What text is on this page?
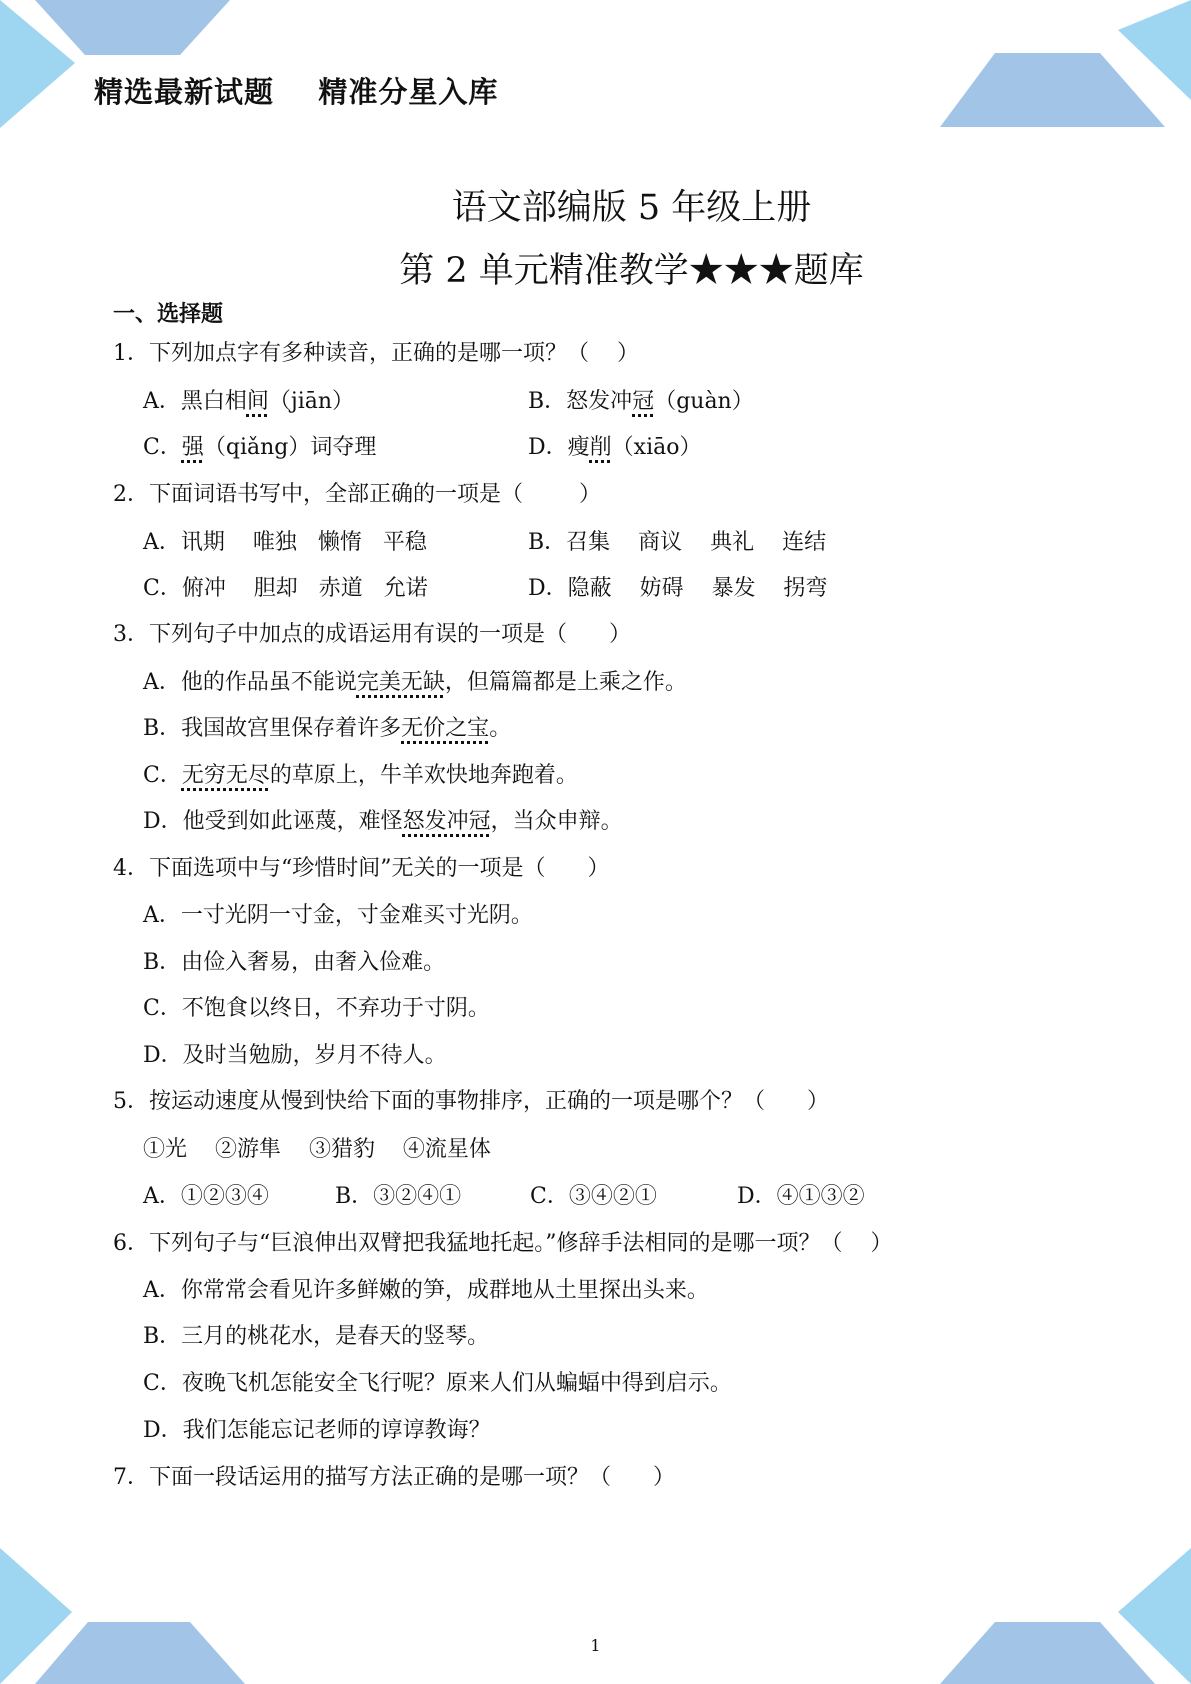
精选最新试题    精准分星入库
语文部编版 5 年级上册
第 2 单元精准教学★★★题库
一、选择题
1．下列加点字有多种读音，正确的是哪一项？（    ）
A．黑白相间（jiān）	B．怒发冲冠（guàn）
C．强（qiǎng）词夺理	D．瘦削（xiāo）
2．下面词语书写中，全部正确的一项是（        ）
A．讯期    唯独   懒惰   平稳	B．召集    商议    典礼    连结
C．俯冲    胆却   赤道   允诺	D．隐蔽    妨碍    暴发    拐弯
3．下列句子中加点的成语运用有误的一项是（      ）
A．他的作品虽不能说完美无缺，但篇篇都是上乘之作。
B．我国故宫里保存着许多无价之宝。
C．无穷无尽的草原上，牛羊欢快地奔跑着。
D．他受到如此诬蔑，难怪怒发冲冠，当众申辩。
4．下面选项中与“珍惜时间”无关的一项是（      ）
A．一寸光阴一寸金，寸金难买寸光阴。
B．由俭入奢易，由奢入俭难。
C．不饱食以终日，不弃功于寸阴。
D．及时当勉励，岁月不待人。
5．按运动速度从慢到快给下面的事物排序，正确的一项是哪个？（      ）
①光    ②游隼    ③猎豹    ④流星体
A．①②③④	B．③②④①	C．③④②①	D．④①③②
6．下列句子与“巨浪伸出双臂把我猛地托起。”修辞手法相同的是哪一项？（    ）
A．你常常会看见许多鲜嫩的笋，成群地从土里探出头来。
B．三月的桃花水，是春天的竖琴。
C．夜晚飞机怎能安全飞行呢？原来人们从蝙蝠中得到启示。
D．我们怎能忘记老师的谆谆教诲？
7．下面一段话运用的描写方法正确的是哪一项？（      ）
1
